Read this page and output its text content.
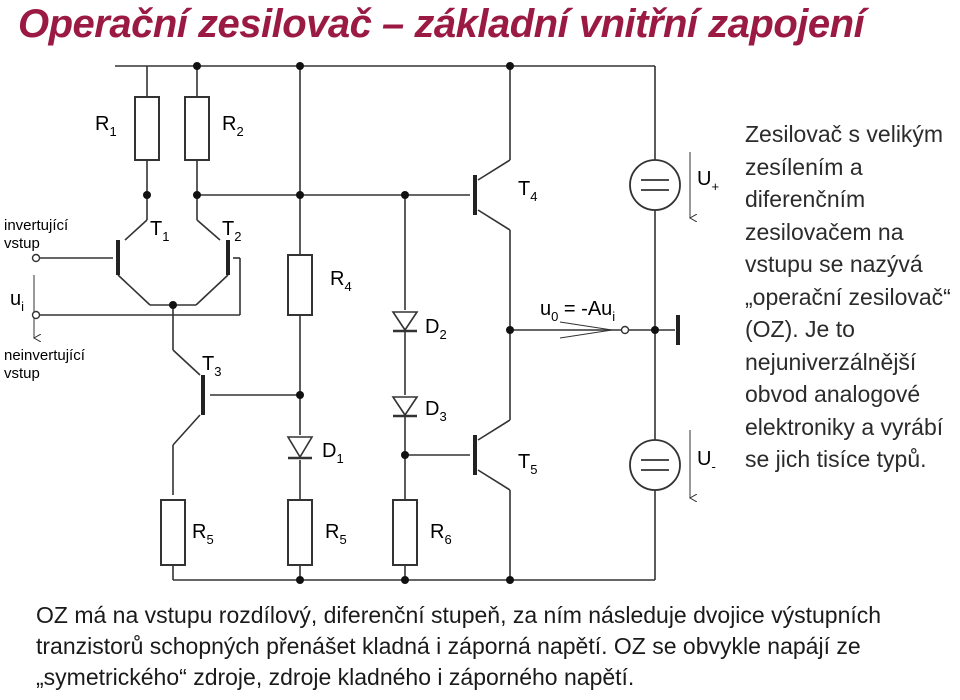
Operační zesilovač – základní vnitřní zapojení
$R_1$	$R_2$
$T_1$	$T_2$
$R_4$
$T_3$
$D_2$
$D_3$
$D_1$
$T_4$
$T_5$
$R_5$	$R_5$	$R_6$
$U_+$
$U_-$
$u_i$	$u_0 = -Au_i$
invertující vstup
neinvertující vstup

Zesilovač s velikým zesílením a diferenčním zesilovačem na vstupu se nazývá „operační zesilovač“ (OZ). Je to nejuniverzálnější obvod analogové elektroniky a vyrábí se jich tisíce typů.

OZ má na vstupu rozdílový, diferenční stupeň, za ním následuje dvojice výstupních tranzistorů schopných přenášet kladná i záporná napětí. OZ se obvykle napájí ze „symetrického“ zdroje, zdroje kladného i záporného napětí.
